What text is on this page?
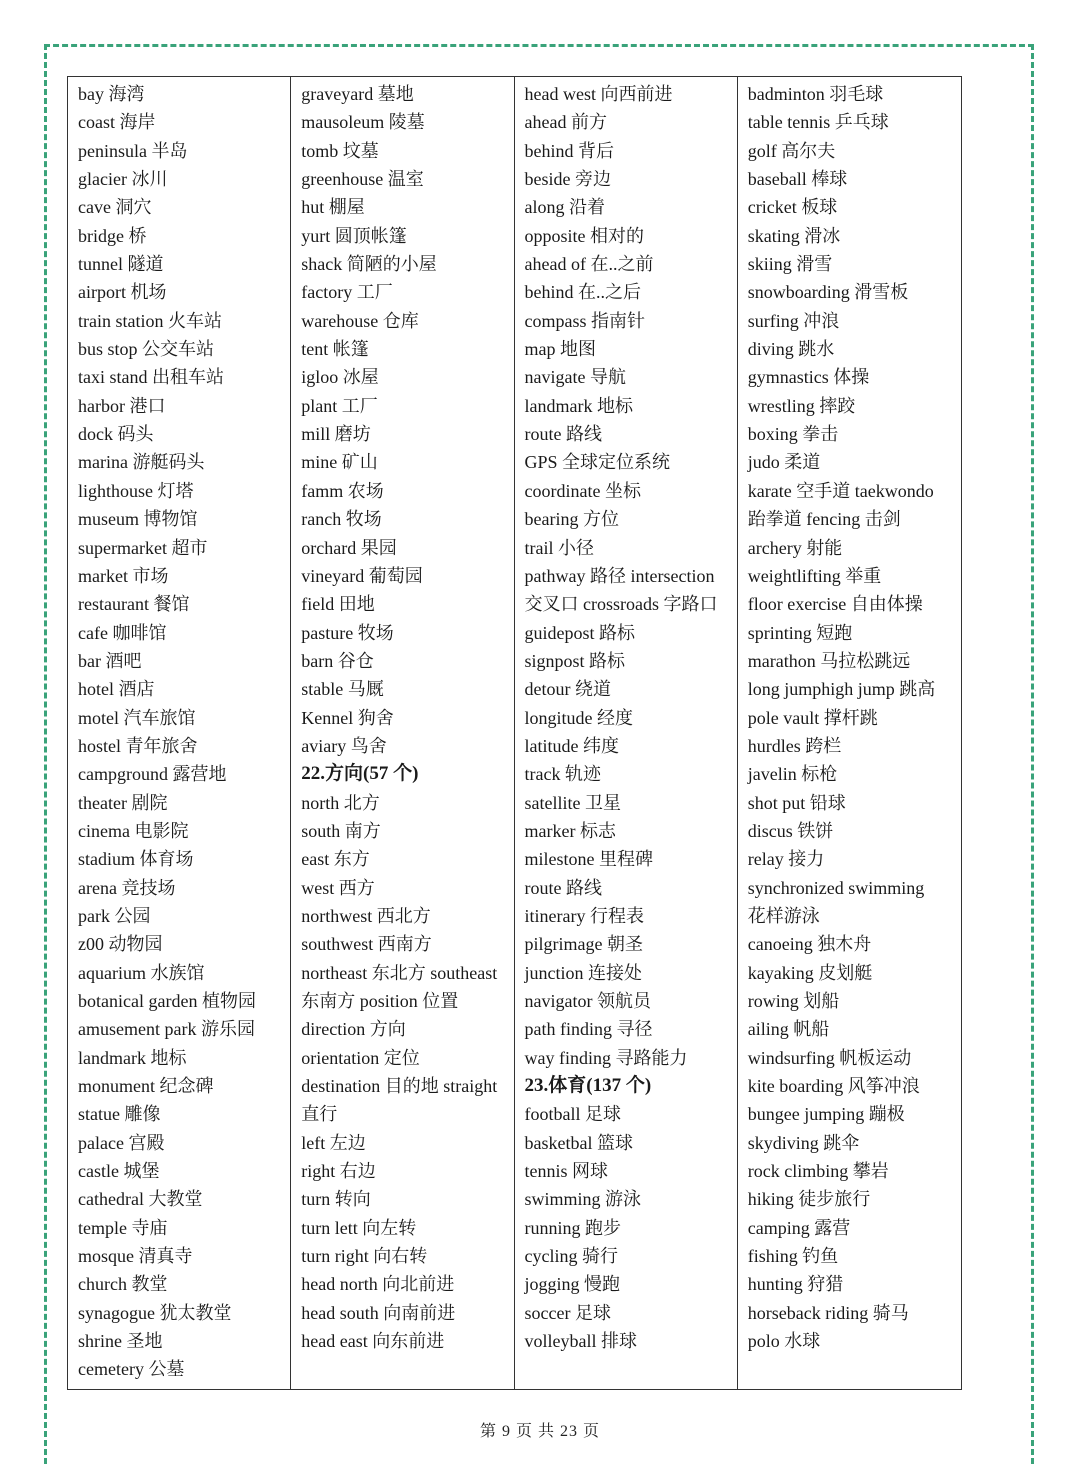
bay 海湾
coast 海岸
peninsula 半岛
glacier 冰川
cave 洞穴
bridge 桥
tunnel 隧道
airport 机场
train station 火车站
bus stop 公交车站
taxi stand 出租车站
harbor 港口
dock 码头
marina 游艇码头
lighthouse 灯塔
museum 博物馆
supermarket 超市
market 市场
restaurant 餐馆
cafe 咖啡馆
bar 酒吧
hotel 酒店
motel 汽车旅馆
hostel 青年旅舍
campground 露营地
theater 剧院
cinema 电影院
stadium 体育场
arena 竞技场
park 公园
z00 动物园
aquarium 水族馆
botanical garden 植物园
amusement park 游乐园
landmark 地标
monument 纪念碑
statue 雕像
palace 宫殿
castle 城堡
cathedral 大教堂
temple 寺庙
mosque 清真寺
church 教堂
synagogue 犹太教堂
shrine 圣地
cemetery 公墓
graveyard 墓地
mausoleum 陵墓
tomb 坟墓
greenhouse 温室
hut 棚屋
yurt 圆顶帐篷
shack 简陋的小屋
factory 工厂
warehouse 仓库
tent 帐篷
igloo 冰屋
plant 工厂
mill 磨坊
mine 矿山
famm 农场
ranch 牧场
orchard 果园
vineyard 葡萄园
field 田地
pasture 牧场
barn 谷仓
stable 马厩
Kennel 狗舍
aviary 鸟舍
22.方向(57 个)
north 北方
south 南方
east 东方
west 西方
northwest 西北方
southwest 西南方
northeast 东北方 southeast
东南方 position 位置
direction 方向
orientation 定位
destination 目的地 straight
直行
left 左边
right 右边
turn 转向
turn lett 向左转
turn right 向右转
head north 向北前进
head south 向南前进
head east 向东前进
head west 向西前进
ahead 前方
behind 背后
beside 旁边
along 沿着
opposite 相对的
ahead of 在..之前
behind 在..之后
compass 指南针
map 地图
navigate 导航
landmark 地标
route 路线
GPS 全球定位系统
coordinate 坐标
bearing 方位
trail 小径
pathway 路径 intersection
交叉口 crossroads 字路口
guidepost 路标
signpost 路标
detour 绕道
longitude 经度
latitude 纬度
track 轨迹
satellite 卫星
marker 标志
milestone 里程碑
route 路线
itinerary 行程表
pilgrimage 朝圣
junction 连接处
navigator 领航员
path finding 寻径
way finding 寻路能力
23.体育(137 个)
football 足球
basketbal 篮球
tennis 网球
swimming 游泳
running 跑步
cycling 骑行
jogging 慢跑
soccer 足球
volleyball 排球
badminton 羽毛球
table tennis 乒乓球
golf 高尔夫
baseball 棒球
cricket 板球
skating 滑冰
skiing 滑雪
snowboarding 滑雪板
surfing 冲浪
diving 跳水
gymnastics 体操
wrestling 摔跤
boxing 拳击
judo 柔道
karate 空手道 taekwondo
跆拳道 fencing 击剑
archery 射能
weightlifting 举重
floor exercise 自由体操
sprinting 短跑
marathon 马拉松跳远
long jumphigh jump 跳高
pole vault 撑杆跳
hurdles 跨栏
javelin 标枪
shot put 铅球
discus 铁饼
relay 接力
synchronized swimming
花样游泳
canoeing 独木舟
kayaking 皮划艇
rowing 划船
ailing 帆船
windsurfing 帆板运动
kite boarding 风筝冲浪
bungee jumping 蹦极
skydiving 跳伞
rock climbing 攀岩
hiking 徒步旅行
camping 露营
fishing 钓鱼
hunting 狩猎
horseback riding 骑马
polo 水球
第 9 页 共 23 页
